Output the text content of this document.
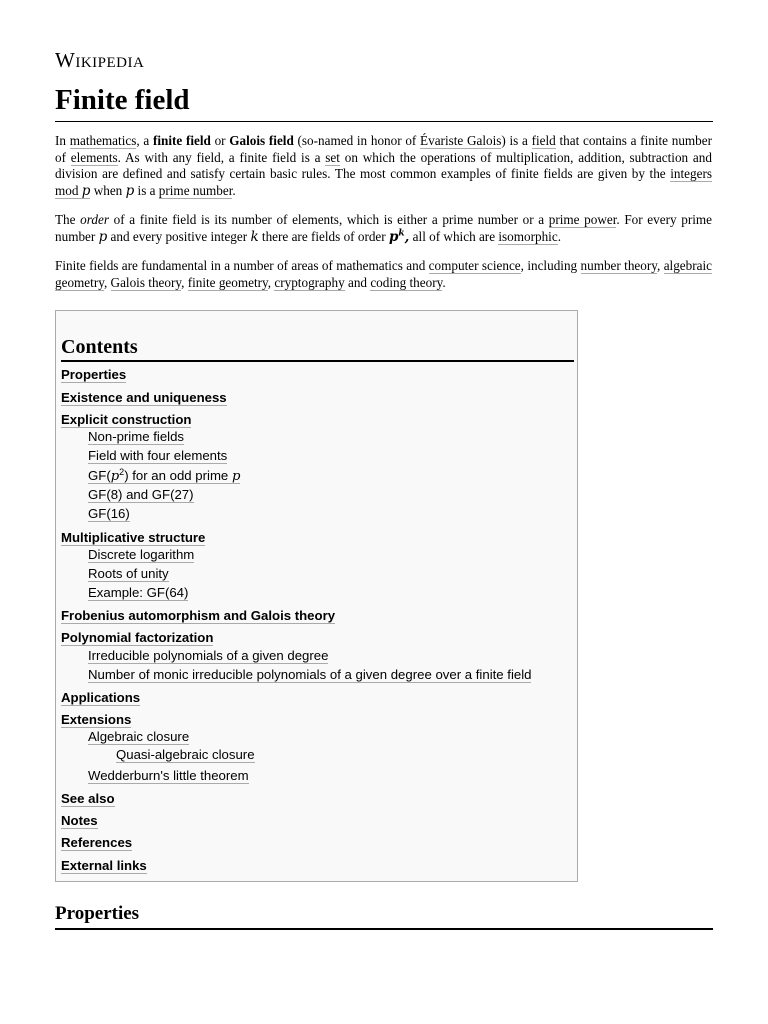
Wikipedia
Finite field

In mathematics, a finite field or Galois field (so-named in honor of Évariste Galois) is a field that contains a finite number of elements. As with any field, a finite field is a set on which the operations of multiplication, addition, subtraction and division are defined and satisfy certain basic rules. The most common examples of finite fields are given by the integers mod p when p is a prime number.

The order of a finite field is its number of elements, which is either a prime number or a prime power. For every prime number p and every positive integer k there are fields of order $p^k$, all of which are isomorphic.

Finite fields are fundamental in a number of areas of mathematics and computer science, including number theory, algebraic geometry, Galois theory, finite geometry, cryptography and coding theory.

Contents
Properties
Existence and uniqueness
Explicit construction
Non-prime fields
Field with four elements
$GF(p^2)$ for an odd prime p
GF(8) and GF(27)
GF(16)
Multiplicative structure
Discrete logarithm
Roots of unity
Example: GF(64)
Frobenius automorphism and Galois theory
Polynomial factorization
Irreducible polynomials of a given degree
Number of monic irreducible polynomials of a given degree over a finite field
Applications
Extensions
Algebraic closure
Quasi-algebraic closure
Wedderburn's little theorem
See also
Notes
References
External links
Properties
